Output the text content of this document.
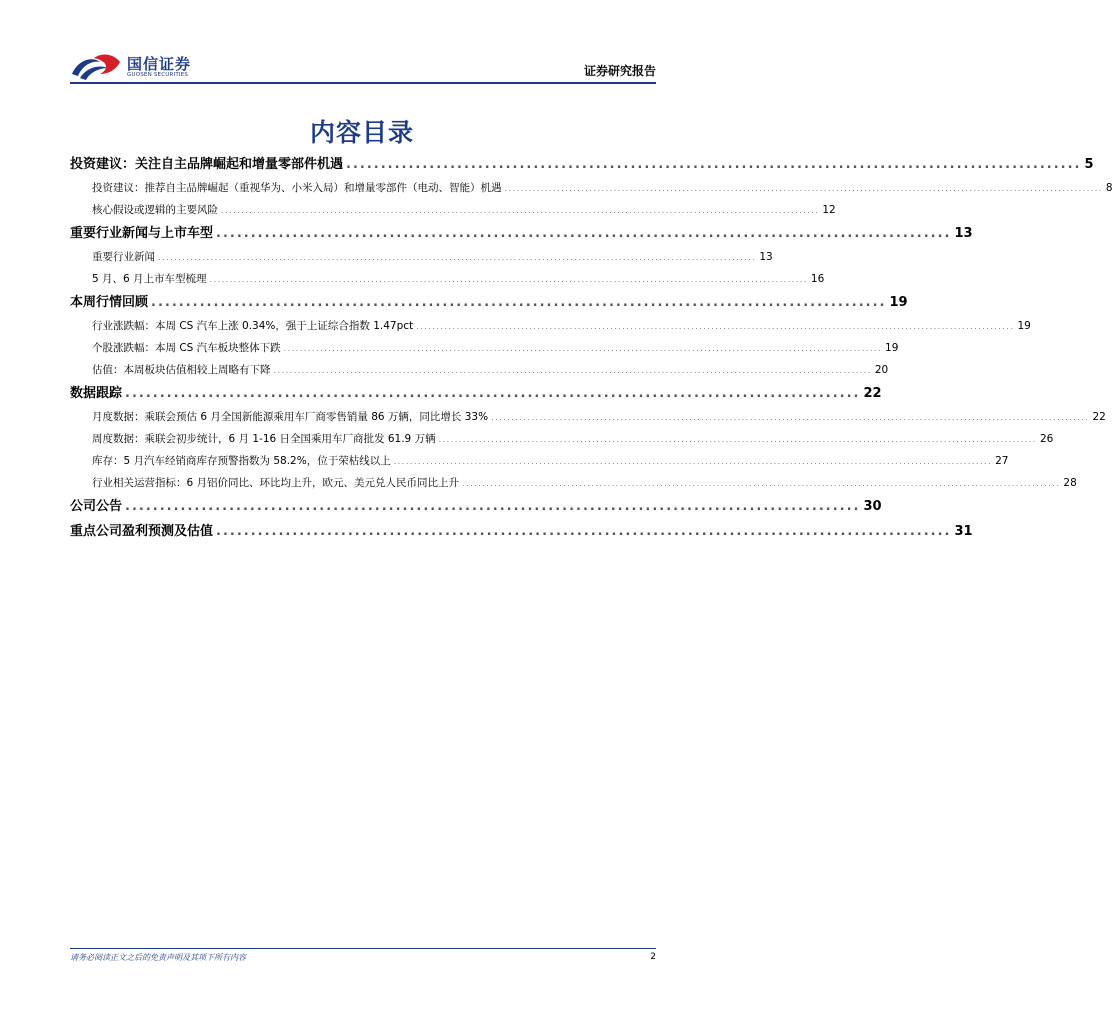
国信证券
GUOSEN SECURITIES	证券研究报告
内容目录
投资建议：关注自主品牌崛起和增量零部件机遇 .......................................................................................................... 5
投资建议：推荐自主品牌崛起（重视华为、小米入局）和增量零部件（电动、智能）机遇 .................................................................................................................................................... 8
核心假设或逻辑的主要风险 .................................................................................................................................................... 12
重要行业新闻与上市车型 .......................................................................................................... 13
重要行业新闻 .................................................................................................................................................... 13
5 月、6 月上市车型梳理 .................................................................................................................................................... 16
本周行情回顾 .......................................................................................................... 19
行业涨跌幅：本周 CS 汽车上涨 0.34%，强于上证综合指数 1.47pct .................................................................................................................................................... 19
个股涨跌幅：本周 CS 汽车板块整体下跌 .................................................................................................................................................... 19
估值：本周板块估值相较上周略有下降 .................................................................................................................................................... 20
数据跟踪 .......................................................................................................... 22
月度数据：乘联会预估 6 月全国新能源乘用车厂商零售销量 86 万辆，同比增长 33% .................................................................................................................................................... 22
周度数据：乘联会初步统计，6 月 1-16 日全国乘用车厂商批发 61.9 万辆 .................................................................................................................................................... 26
库存：5 月汽车经销商库存预警指数为 58.2%，位于荣枯线以上 .................................................................................................................................................... 27
行业相关运营指标：6 月铝价同比、环比均上升，欧元、美元兑人民币同比上升 .................................................................................................................................................... 28
公司公告 .......................................................................................................... 30
重点公司盈利预测及估值 .......................................................................................................... 31
请务必阅读正文之后的免责声明及其项下所有内容	2
